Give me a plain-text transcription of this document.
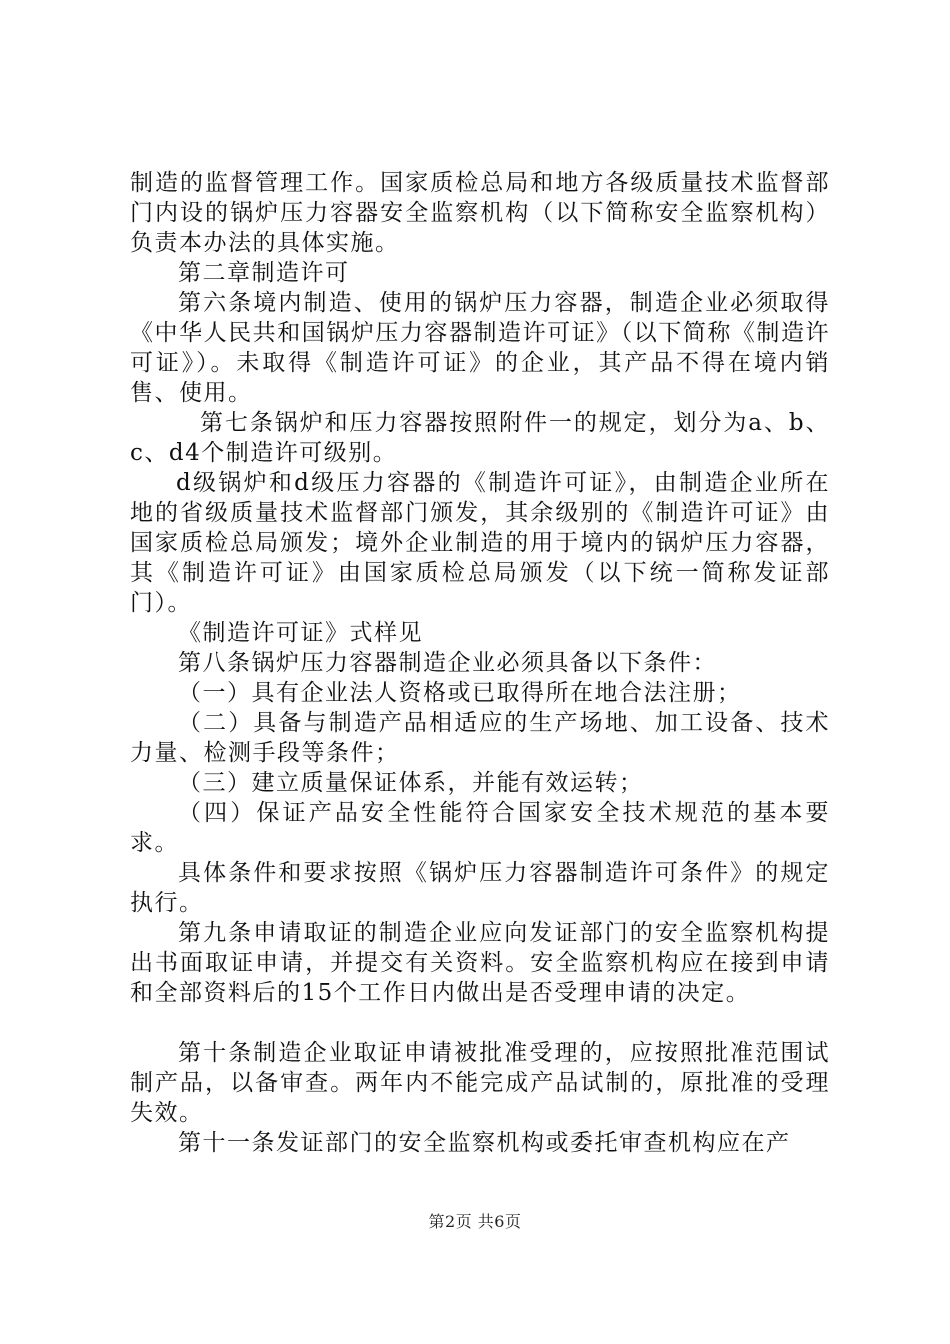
制造的监督管理工作。国家质检总局和地方各级质量技术监督部门内设的锅炉压力容器安全监察机构（以下简称安全监察机构）负责本办法的具体实施。

第二章制造许可

第六条境内制造、使用的锅炉压力容器，制造企业必须取得《中华人民共和国锅炉压力容器制造许可证》（以下简称《制造许可证》）。未取得《制造许可证》的企业，其产品不得在境内销售、使用。

第七条锅炉和压力容器按照附件一的规定，划分为a、b、c、d4个制造许可级别。

d级锅炉和d级压力容器的《制造许可证》，由制造企业所在地的省级质量技术监督部门颁发，其余级别的《制造许可证》由国家质检总局颁发；境外企业制造的用于境内的锅炉压力容器，其《制造许可证》由国家质检总局颁发（以下统一简称发证部门）。

《制造许可证》式样见

第八条锅炉压力容器制造企业必须具备以下条件：

（一）具有企业法人资格或已取得所在地合法注册；

（二）具备与制造产品相适应的生产场地、加工设备、技术力量、检测手段等条件；

（三）建立质量保证体系，并能有效运转；

（四）保证产品安全性能符合国家安全技术规范的基本要求。

具体条件和要求按照《锅炉压力容器制造许可条件》的规定执行。

第九条申请取证的制造企业应向发证部门的安全监察机构提出书面取证申请，并提交有关资料。安全监察机构应在接到申请和全部资料后的15个工作日内做出是否受理申请的决定。

第十条制造企业取证申请被批准受理的，应按照批准范围试制产品，以备审查。两年内不能完成产品试制的，原批准的受理失效。

第十一条发证部门的安全监察机构或委托审查机构应在产

第2页 共6页
